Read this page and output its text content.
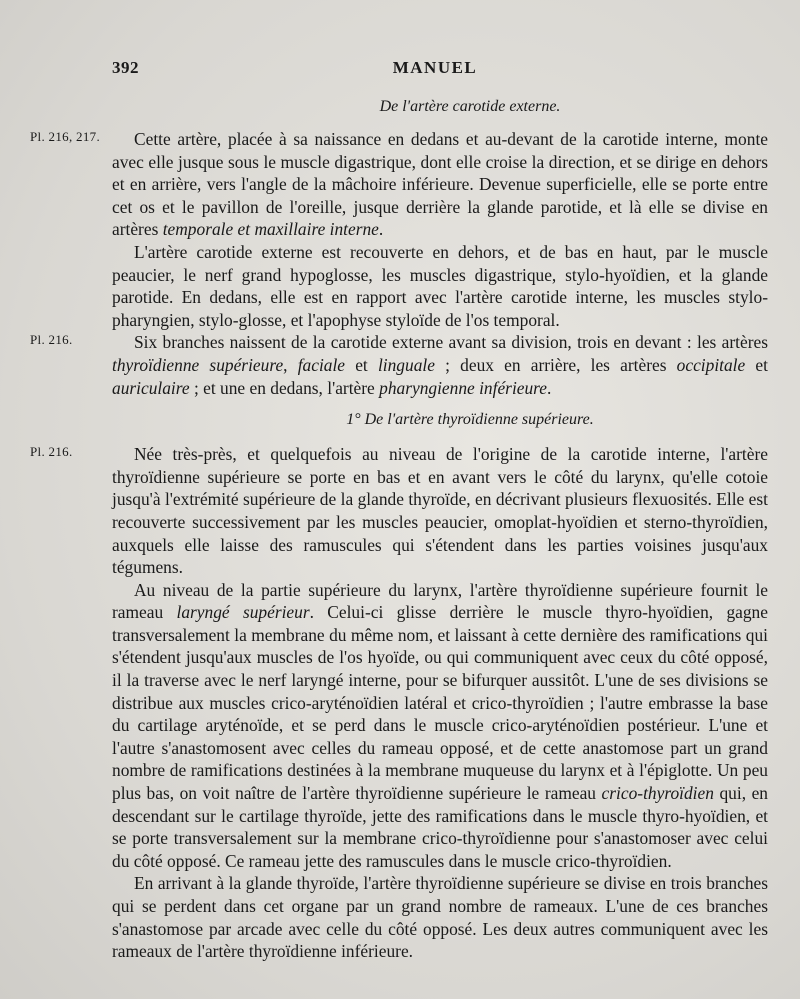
392	MANUEL
De l'artère carotide externe.
Pl. 216, 217.	Cette artère, placée à sa naissance en dedans et au-devant de la carotide interne, monte avec elle jusque sous le muscle digastrique, dont elle croise la direction, et se dirige en dehors et en arrière, vers l'angle de la mâchoire inférieure. Devenue superficielle, elle se porte entre cet os et le pavillon de l'oreille, jusque derrière la glande parotide, et là elle se divise en artères temporale et maxillaire interne.

L'artère carotide externe est recouverte en dehors, et de bas en haut, par le muscle peaucier, le nerf grand hypoglosse, les muscles digastrique, stylo-hyoïdien, et la glande parotide. En dedans, elle est en rapport avec l'artère carotide interne, les muscles stylo-pharyngien, stylo-glosse, et l'apophyse styloïde de l'os temporal.

Pl. 216.	Six branches naissent de la carotide externe avant sa division, trois en devant : les artères thyroïdienne supérieure, faciale et linguale ; deux en arrière, les artères occipitale et auriculaire ; et une en dedans, l'artère pharyngienne inférieure.

1° De l'artère thyroïdienne supérieure.
Pl. 216.	Née très-près, et quelquefois au niveau de l'origine de la carotide interne, l'artère thyroïdienne supérieure se porte en bas et en avant vers le côté du larynx, qu'elle cotoie jusqu'à l'extrémité supérieure de la glande thyroïde, en décrivant plusieurs flexuosités. Elle est recouverte successivement par les muscles peaucier, omoplat-hyoïdien et sterno-thyroïdien, auxquels elle laisse des ramuscules qui s'étendent dans les parties voisines jusqu'aux tégumens.

Au niveau de la partie supérieure du larynx, l'artère thyroïdienne supérieure fournit le rameau laryngé supérieur. Celui-ci glisse derrière le muscle thyro-hyoïdien, gagne transversalement la membrane du même nom, et laissant à cette dernière des ramifications qui s'étendent jusqu'aux muscles de l'os hyoïde, ou qui communiquent avec ceux du côté opposé, il la traverse avec le nerf laryngé interne, pour se bifurquer aussitôt. L'une de ses divisions se distribue aux muscles crico-aryténoïdien latéral et crico-thyroïdien ; l'autre embrasse la base du cartilage aryténoïde, et se perd dans le muscle crico-aryténoïdien postérieur. L'une et l'autre s'anastomosent avec celles du rameau opposé, et de cette anastomose part un grand nombre de ramifications destinées à la membrane muqueuse du larynx et à l'épiglotte. Un peu plus bas, on voit naître de l'artère thyroïdienne supérieure le rameau crico-thyroïdien qui, en descendant sur le cartilage thyroïde, jette des ramifications dans le muscle thyro-hyoïdien, et se porte transversalement sur la membrane crico-thyroïdienne pour s'anastomoser avec celui du côté opposé. Ce rameau jette des ramuscules dans le muscle crico-thyroïdien.

En arrivant à la glande thyroïde, l'artère thyroïdienne supérieure se divise en trois branches qui se perdent dans cet organe par un grand nombre de rameaux. L'une de ces branches s'anastomose par arcade avec celle du côté opposé. Les deux autres communiquent avec les rameaux de l'artère thyroïdienne inférieure.
